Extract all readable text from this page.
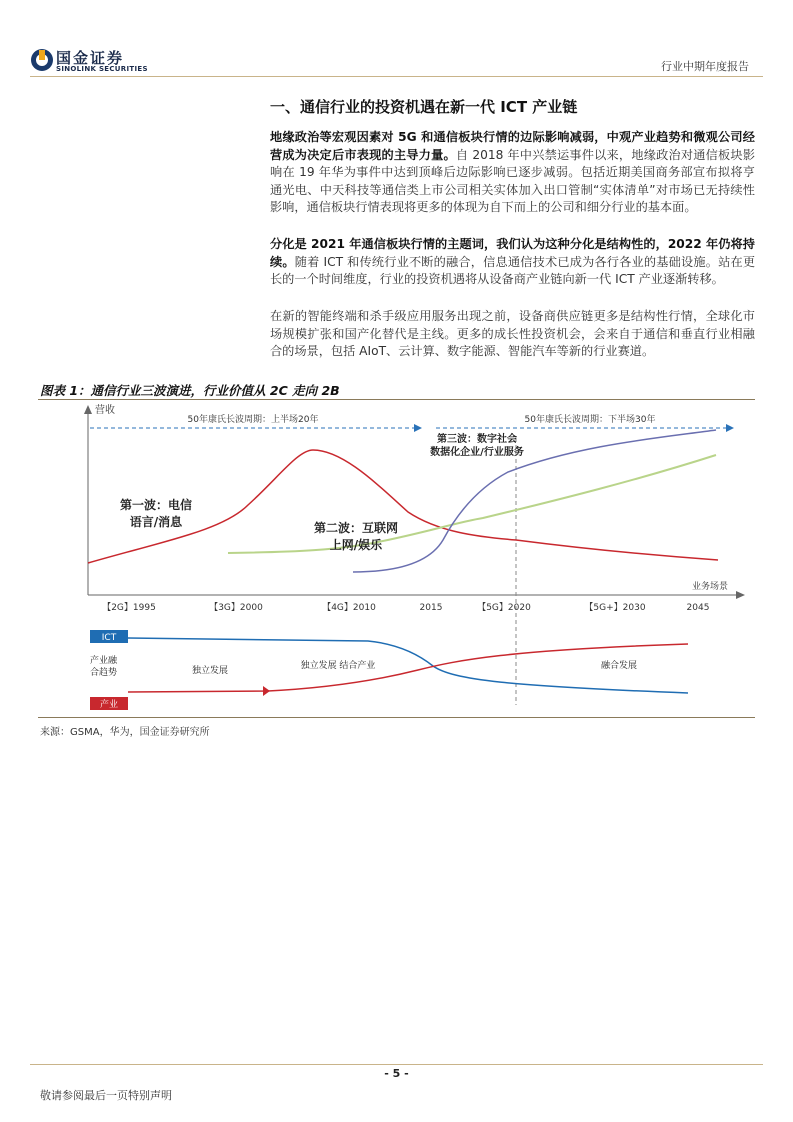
国金证券
SINOLINK SECURITIES	行业中期年度报告
一、通信行业的投资机遇在新一代 ICT 产业链
地缘政治等宏观因素对 5G 和通信板块行情的边际影响减弱，中观产业趋势和微观公司经营成为决定后市表现的主导力量。自 2018 年中兴禁运事件以来，地缘政治对通信板块影响在 19 年华为事件中达到顶峰后边际影响已逐步减弱。包括近期美国商务部宣布拟将亨通光电、中天科技等通信类上市公司相关实体加入出口管制“实体清单”对市场已无持续性影响，通信板块行情表现将更多的体现为自下而上的公司和细分行业的基本面。
分化是 2021 年通信板块行情的主题词，我们认为这种分化是结构性的，2022 年仍将持续。随着 ICT 和传统行业不断的融合，信息通信技术已成为各行各业的基础设施。站在更长的一个时间维度，行业的投资机遇将从设备商产业链向新一代 ICT 产业逐渐转移。
在新的智能终端和杀手级应用服务出现之前，设备商供应链更多是结构性行情，全球化市场规模扩张和国产化替代是主线。更多的成长性投资机会，会来自于通信和垂直行业相融合的场景，包括 AIoT、云计算、数字能源、智能汽车等新的行业赛道。
图表 1：通信行业三波演进，行业价值从 2C 走向 2B
营收
业务场景
50年康氏长波周期：上半场20年	50年康氏长波周期：下半场30年
第一波：电信
语言/消息	第二波：互联网
上网/娱乐
第三波：数字社会
数据化企业/行业服务
【2G】1995	【3G】2000	【4G】2010	2015	【5G】2020	【5G+】2030	2045
ICT
产业
产业融
合趋势	独立发展	独立发展 结合产业	融合发展
来源：GSMA，华为，国金证券研究所
- 5 -
敬请参阅最后一页特别声明
